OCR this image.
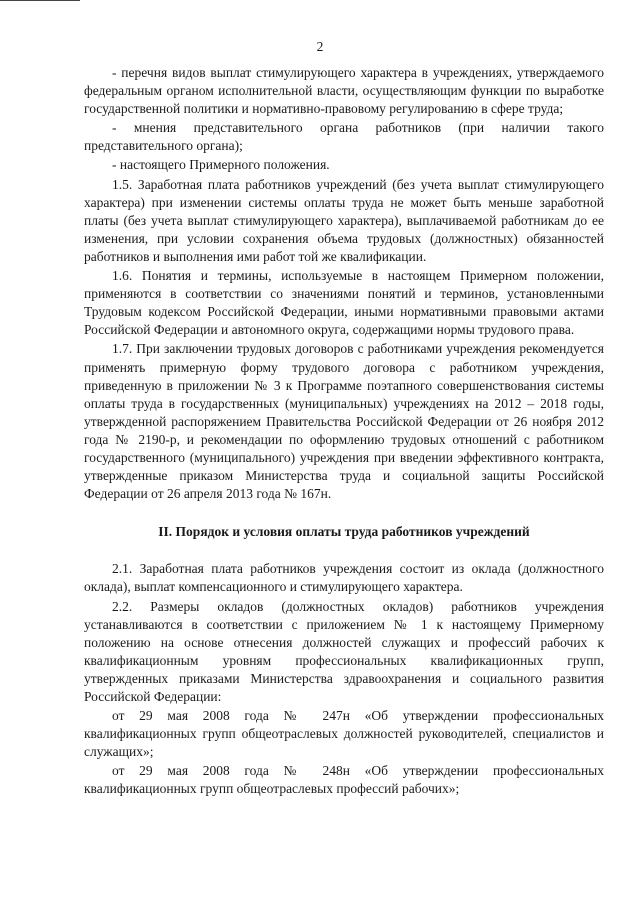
2

- перечня видов выплат стимулирующего характера в учреждениях, утверждаемого федеральным органом исполнительной власти, осуществляющим функции по выработке государственной политики и нормативно-правовому регулированию в сфере труда;

- мнения представительного органа работников (при наличии такого представительного органа);

- настоящего Примерного положения.

1.5. Заработная плата работников учреждений (без учета выплат стимулирующего характера) при изменении системы оплаты труда не может быть меньше заработной платы (без учета выплат стимулирующего характера), выплачиваемой работникам до ее изменения, при условии сохранения объема трудовых (должностных) обязанностей работников и выполнения ими работ той же квалификации.

1.6. Понятия и термины, используемые в настоящем Примерном положении, применяются в соответствии со значениями понятий и терминов, установленными Трудовым кодексом Российской Федерации, иными нормативными правовыми актами Российской Федерации и автономного округа, содержащими нормы трудового права.

1.7. При заключении трудовых договоров с работниками учреждения рекомендуется применять примерную форму трудового договора с работником учреждения, приведенную в приложении № 3 к Программе поэтапного совершенствования системы оплаты труда в государственных (муниципальных) учреждениях на 2012 – 2018 годы, утвержденной распоряжением Правительства Российской Федерации от 26 ноября 2012 года № 2190-р, и рекомендации по оформлению трудовых отношений с работником государственного (муниципального) учреждения при введении эффективного контракта, утвержденные приказом Министерства труда и социальной защиты Российской Федерации от 26 апреля 2013 года № 167н.

II. Порядок и условия оплаты труда работников учреждений

2.1. Заработная плата работников учреждения состоит из оклада (должностного оклада), выплат компенсационного и стимулирующего характера.

2.2. Размеры окладов (должностных окладов) работников учреждения устанавливаются в соответствии с приложением № 1 к настоящему Примерному положению на основе отнесения должностей служащих и профессий рабочих к квалификационным уровням профессиональных квалификационных групп, утвержденных приказами Министерства здравоохранения и социального развития Российской Федерации:

от 29 мая 2008 года № 247н «Об утверждении профессиональных квалификационных групп общеотраслевых должностей руководителей, специалистов и служащих»;

от 29 мая 2008 года № 248н «Об утверждении профессиональных квалификационных групп общеотраслевых профессий рабочих»;
